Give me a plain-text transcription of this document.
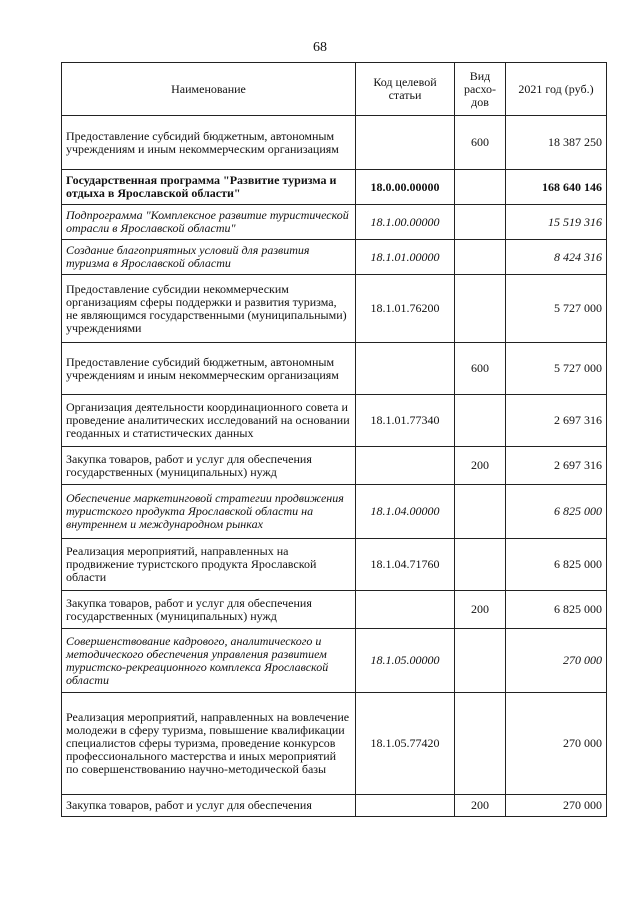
68
Наименование	Код целевой статьи	Вид расхо-дов	2021 год (руб.)
Предоставление субсидий бюджетным, автономным учреждениям и иным некоммерческим организациям		600	18 387 250
Государственная программа "Развитие туризма и отдыха в Ярославской области"	18.0.00.00000		168 640 146
Подпрограмма "Комплексное развитие туристической отрасли в Ярославской области"	18.1.00.00000		15 519 316
Создание благоприятных условий для развития туризма в Ярославской области	18.1.01.00000		8 424 316
Предоставление субсидии некоммерческим организациям сферы поддержки и развития туризма, не являющимся государственными (муниципальными) учреждениями	18.1.01.76200		5 727 000
Предоставление субсидий бюджетным, автономным учреждениям и иным некоммерческим организациям		600	5 727 000
Организация деятельности координационного совета и проведение аналитических исследований на основании геоданных и статистических данных	18.1.01.77340		2 697 316
Закупка товаров, работ и услуг для обеспечения государственных (муниципальных) нужд		200	2 697 316
Обеспечение маркетинговой стратегии продвижения туристского продукта Ярославской области на внутреннем и международном рынках	18.1.04.00000		6 825 000
Реализация мероприятий, направленных на продвижение туристского продукта Ярославской области	18.1.04.71760		6 825 000
Закупка товаров, работ и услуг для обеспечения государственных (муниципальных) нужд		200	6 825 000
Совершенствование кадрового, аналитического и методического обеспечения управления развитием туристско-рекреационного комплекса Ярославской области	18.1.05.00000		270 000
Реализация мероприятий, направленных на вовлечение молодежи в сферу туризма, повышение квалификации специалистов сферы туризма, проведение конкурсов профессионального мастерства и иных мероприятий по совершенствованию научно-методической базы	18.1.05.77420		270 000
Закупка товаров, работ и услуг для обеспечения		200	270 000
